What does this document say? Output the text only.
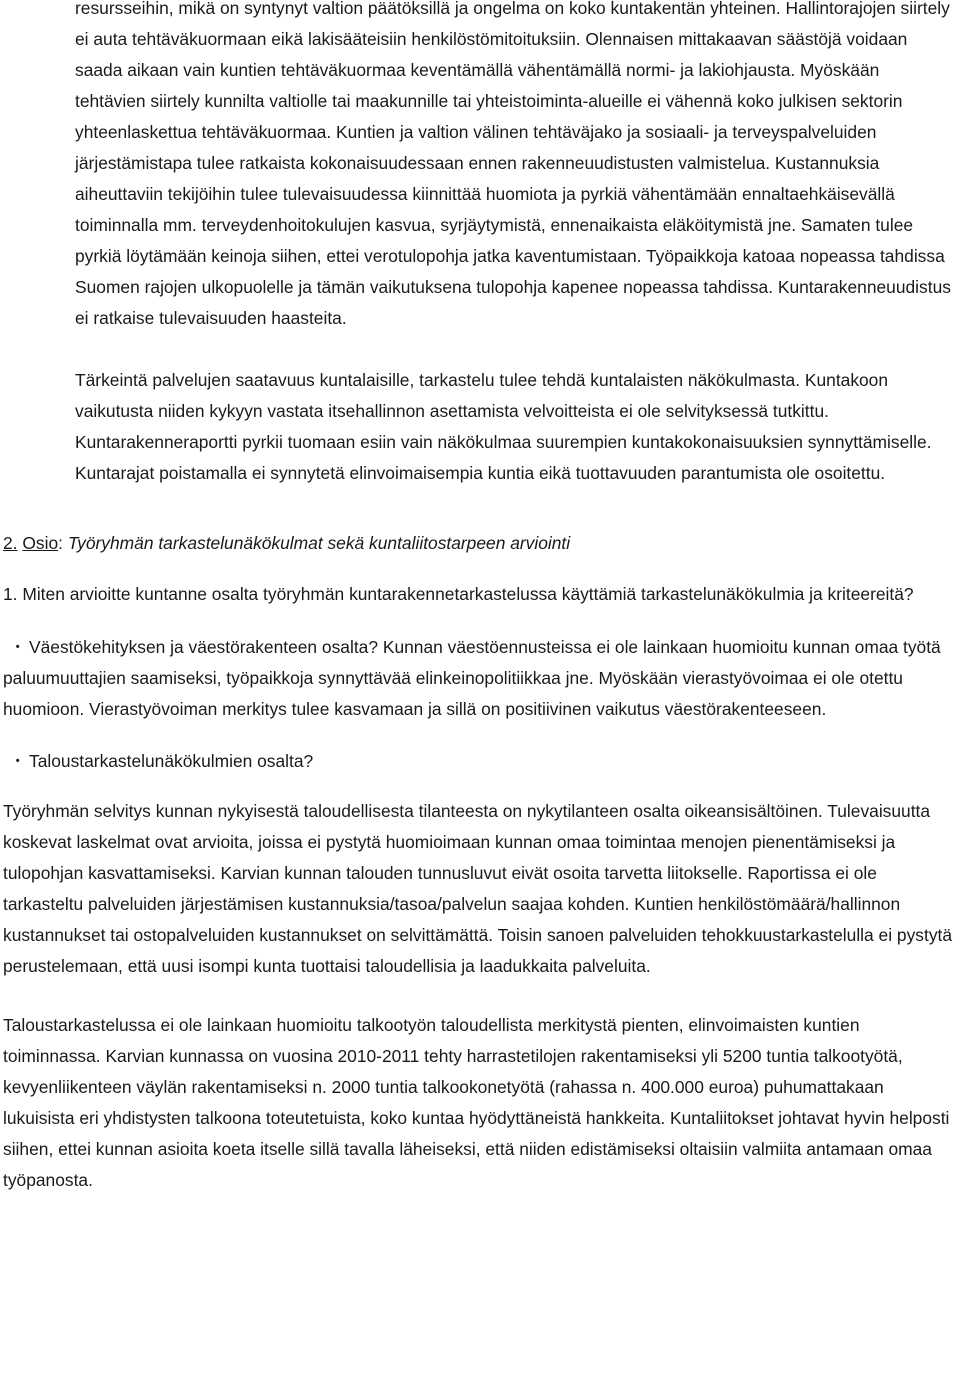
resursseihin, mikä on syntynyt valtion päätöksillä ja ongelma on koko kuntakentän yhteinen. Hallintorajojen siirtely ei auta tehtäväkuormaan eikä lakisääteisiin henkilöstömitoituksiin. Olennaisen mittakaavan säästöjä voidaan saada aikaan vain kuntien tehtäväkuormaa keventämällä vähentämällä normi- ja lakiohjausta. Myöskään tehtävien siirtely kunnilta valtiolle tai maakunnille tai yhteistoiminta-alueille ei vähennä koko julkisen sektorin yhteenlaskettua tehtäväkuormaa. Kuntien ja valtion välinen tehtäväjako ja sosiaali- ja terveyspalveluiden järjestämistapa tulee ratkaista kokonaisuudessaan ennen rakenneuudistusten valmistelua. Kustannuksia aiheuttaviin tekijöihin tulee tulevaisuudessa kiinnittää huomiota ja pyrkiä vähentämään ennaltaehkäisevällä toiminnalla mm. terveydenhoitokulujen kasvua, syrjäytymistä, ennenaikaista eläköitymistä jne. Samaten tulee pyrkiä löytämään keinoja siihen, ettei verotulopohja jatka kaventumistaan. Työpaikkoja katoaa nopeassa tahdissa Suomen rajojen ulkopuolelle ja tämän vaikutuksena tulopohja kapenee nopeassa tahdissa. Kuntarakenneuudistus ei ratkaise tulevaisuuden haasteita.

Tärkeintä palvelujen saatavuus kuntalaisille, tarkastelu tulee tehdä kuntalaisten näkökulmasta. Kuntakoon vaikutusta niiden kykyyn vastata itsehallinnon asettamista velvoitteista ei ole selvityksessä tutkittu. Kuntarakenneraportti pyrkii tuomaan esiin vain näkökulmaa suurempien kuntakokonaisuuksien synnyttämiselle. Kuntarajat poistamalla ei synnytetä elinvoimaisempia kuntia eikä tuottavuuden parantumista ole osoitettu.

2. Osio: Työryhmän tarkastelunäkökulmat sekä kuntaliitostarpeen arviointi

1. Miten arvioitte kuntanne osalta työryhmän kuntarakennetarkastelussa käyttämiä tarkastelunäkökulmia ja kriteereitä?

・ Väestökehityksen ja väestörakenteen osalta? Kunnan väestöennusteissa ei ole lainkaan huomioitu kunnan omaa työtä paluumuuttajien saamiseksi, työpaikkoja synnyttävää elinkeinopolitiikkaa jne. Myöskään vierastyövoimaa ei ole otettu huomioon. Vierastyövoiman merkitys tulee kasvamaan ja sillä on positiivinen vaikutus väestörakenteeseen.

・ Taloustarkastelunäkökulmien osalta?

Työryhmän selvitys kunnan nykyisestä taloudellisesta tilanteesta on nykytilanteen osalta oikeansisältöinen. Tulevaisuutta koskevat laskelmat ovat arvioita, joissa ei pystytä huomioimaan kunnan omaa toimintaa menojen pienentämiseksi ja tulopohjan kasvattamiseksi. Karvian kunnan talouden tunnusluvut eivät osoita tarvetta liitokselle. Raportissa ei ole tarkasteltu palveluiden järjestämisen kustannuksia/tasoa/palvelun saajaa kohden. Kuntien henkilöstömäärä/hallinnon kustannukset tai ostopalveluiden kustannukset on selvittämättä. Toisin sanoen palveluiden tehokkuustarkastelulla ei pystytä perustelemaan, että uusi isompi kunta tuottaisi taloudellisia ja laadukkaita palveluita.

Taloustarkastelussa ei ole lainkaan huomioitu talkootyön taloudellista merkitystä pienten, elinvoimaisten kuntien toiminnassa. Karvian kunnassa on vuosina 2010-2011 tehty harrastetilojen rakentamiseksi yli 5200 tuntia talkootyötä, kevyenliikenteen väylän rakentamiseksi n. 2000 tuntia talkookonetyötä (rahassa n. 400.000 euroa) puhumattakaan lukuisista eri yhdistysten talkoona toteutetuista, koko kuntaa hyödyttäneistä hankkeita. Kuntaliitokset johtavat hyvin helposti siihen, ettei kunnan asioita koeta itselle sillä tavalla läheiseksi, että niiden edistämiseksi oltaisiin valmiita antamaan omaa työpanosta.
